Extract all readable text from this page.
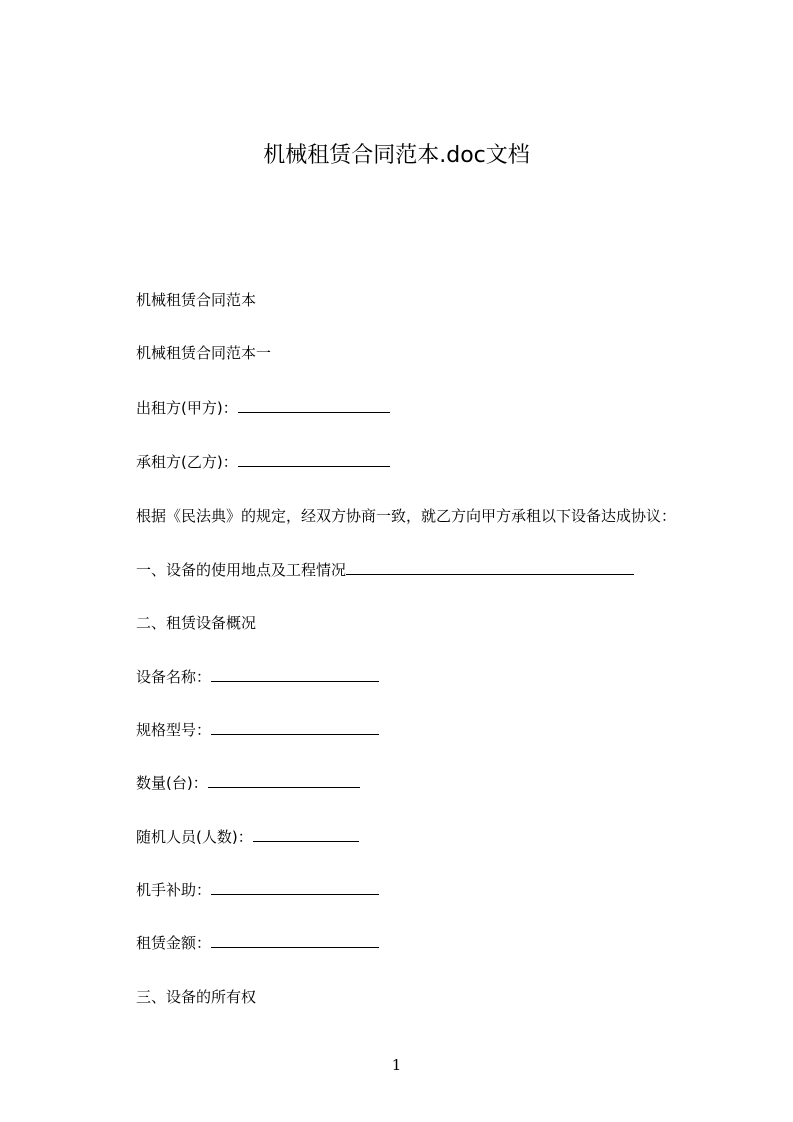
机械租赁合同范本.doc文档
机械租赁合同范本
机械租赁合同范本一
出租方(甲方)：
承租方(乙方)：
根据《民法典》的规定，经双方协商一致，就乙方向甲方承租以下设备达成协议：
一、设备的使用地点及工程情况
二、租赁设备概况
设备名称：
规格型号：
数量(台)：
随机人员(人数)：
机手补助：
租赁金额：
三、设备的所有权
1
